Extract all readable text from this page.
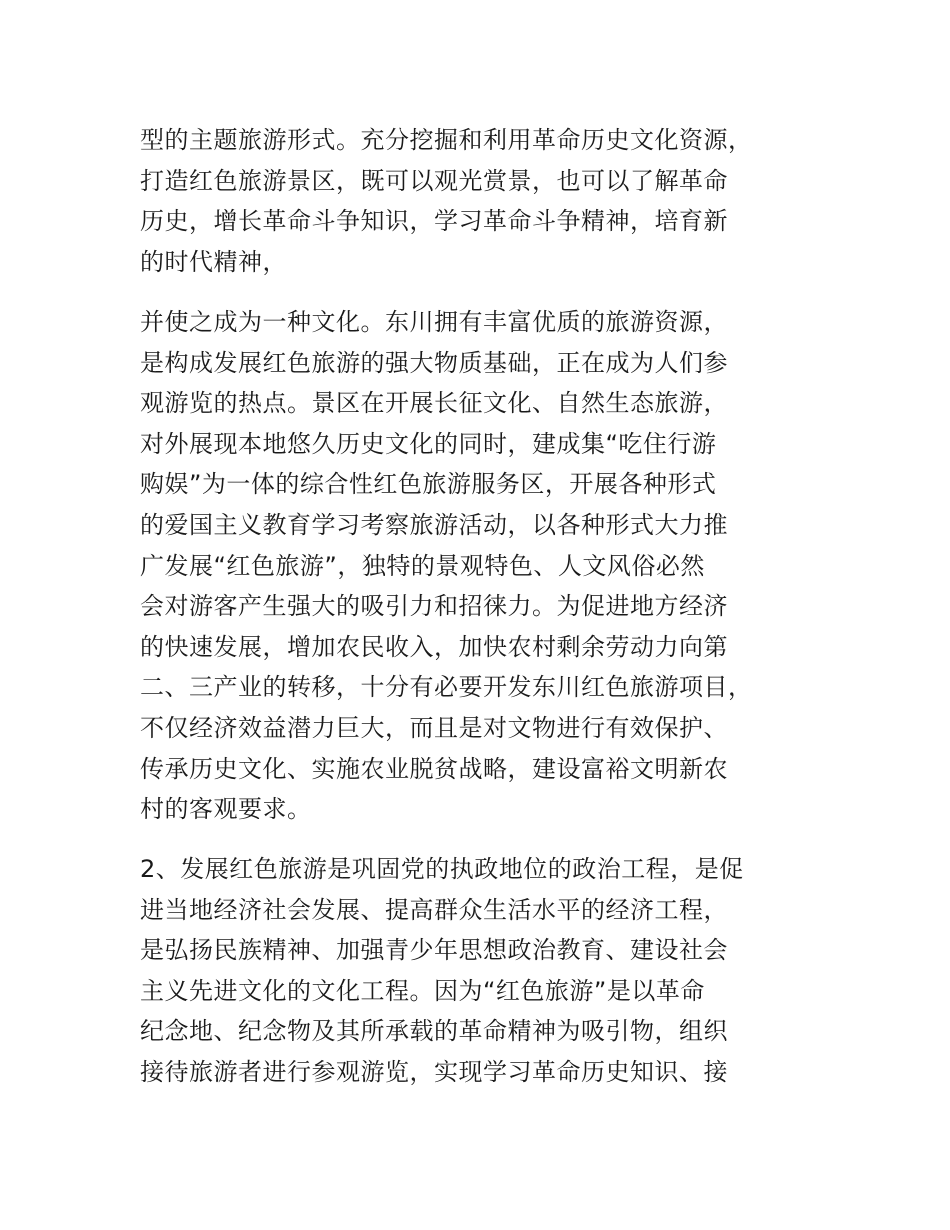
型的主题旅游形式。充分挖掘和利用革命历史文化资源，
打造红色旅游景区，既可以观光赏景，也可以了解革命
历史，增长革命斗争知识，学习革命斗争精神，培育新
的时代精神，
并使之成为一种文化。东川拥有丰富优质的旅游资源，
是构成发展红色旅游的强大物质基础，正在成为人们参
观游览的热点。景区在开展长征文化、自然生态旅游，
对外展现本地悠久历史文化的同时，建成集“吃住行游
购娱”为一体的综合性红色旅游服务区，开展各种形式
的爱国主义教育学习考察旅游活动，以各种形式大力推
广发展“红色旅游”，独特的景观特色、人文风俗必然
会对游客产生强大的吸引力和招徕力。为促进地方经济
的快速发展，增加农民收入，加快农村剩余劳动力向第
二、三产业的转移，十分有必要开发东川红色旅游项目，
不仅经济效益潜力巨大，而且是对文物进行有效保护、
传承历史文化、实施农业脱贫战略，建设富裕文明新农
村的客观要求。
2、发展红色旅游是巩固党的执政地位的政治工程，是促
进当地经济社会发展、提高群众生活水平的经济工程，
是弘扬民族精神、加强青少年思想政治教育、建设社会
主义先进文化的文化工程。因为“红色旅游”是以革命
纪念地、纪念物及其所承载的革命精神为吸引物，组织
接待旅游者进行参观游览，实现学习革命历史知识、接
